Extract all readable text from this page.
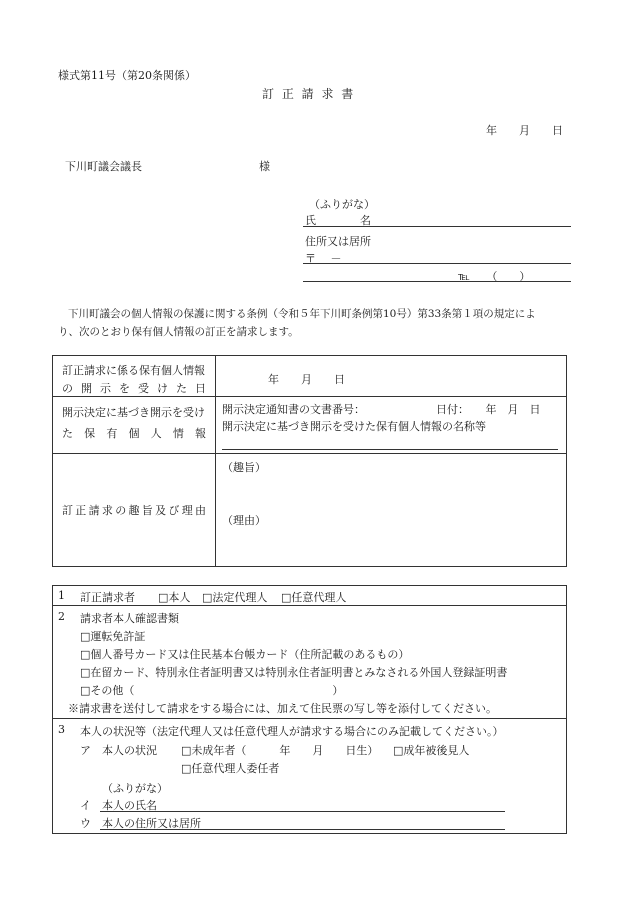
様式第11号（第20条関係）
訂 正 請 求 書
年　　月　　日
下川町議会議長	様
（ふりがな）
氏　　　　名
住所又は居所
〒　 －
℡　　（　　）
下川町議会の個人情報の保護に関する条例（令和５年下川町条例第10号）第33条第１項の規定によ
り、次のとおり保有個人情報の訂正を請求します。
訂正請求に係る保有個人情報
の開示を受けた日
年　　月　　日
開示決定に基づき開示を受け
た保有個人情報
開示決定通知書の文書番号：	日付：　　年　月　日
開示決定に基づき開示を受けた保有個人情報の名称等
訂正請求の趣旨及び理由
（趣旨）
（理由）
1 訂正請求者 □本人 □法定代理人 □任意代理人
2 請求者本人確認書類
□運転免許証
□個人番号カード又は住民基本台帳カード（住所記載のあるもの）
□在留カード、特別永住者証明書又は特別永住者証明書とみなされる外国人登録証明書
□その他（　　　　　　　　　　　　　　　　　　）
※請求書を送付して請求をする場合には、加えて住民票の写し等を添付してください。
3 本人の状況等（法定代理人又は任意代理人が請求する場合にのみ記載してください。）
ア　本人の状況 □未成年者（　　　年　　月　　日生） □成年被後見人
□任意代理人委任者
（ふりがな）
イ 本人の氏名
ウ 本人の住所又は居所
